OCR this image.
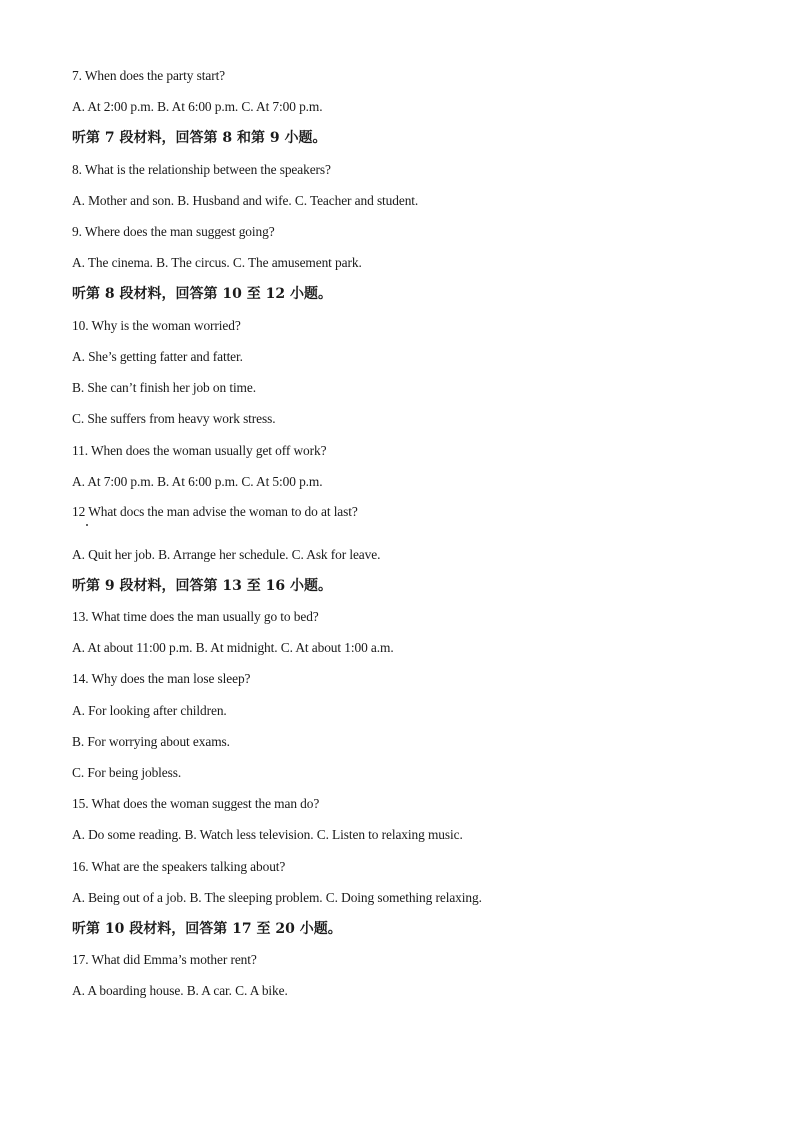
7. When does the party start?
A. At 2:00 p.m. B. At 6:00 p.m. C. At 7:00 p.m.
听第 7 段材料，回答第 8 和第 9 小题。
8. What is the relationship between the speakers?
A. Mother and son. B. Husband and wife. C. Teacher and student.
9. Where does the man suggest going?
A. The cinema. B. The circus. C. The amusement park.
听第 8 段材料，回答第 10 至 12 小题。
10. Why is the woman worried?
A. She’s getting fatter and fatter.
B. She can’t finish her job on time.
C. She suffers from heavy work stress.
11. When does the woman usually get off work?
A. At 7:00 p.m. B. At 6:00 p.m. C. At 5:00 p.m.
12 What docs the man advise the woman to do at last?
A. Quit her job. B. Arrange her schedule. C. Ask for leave.
听第 9 段材料，回答第 13 至 16 小题。
13. What time does the man usually go to bed?
A. At about 11:00 p.m. B. At midnight. C. At about 1:00 a.m.
14. Why does the man lose sleep?
A. For looking after children.
B. For worrying about exams.
C. For being jobless.
15. What does the woman suggest the man do?
A. Do some reading. B. Watch less television. C. Listen to relaxing music.
16. What are the speakers talking about?
A. Being out of a job. B. The sleeping problem. C. Doing something relaxing.
听第 10 段材料，回答第 17 至 20 小题。
17. What did Emma’s mother rent?
A. A boarding house. B. A car. C. A bike.
